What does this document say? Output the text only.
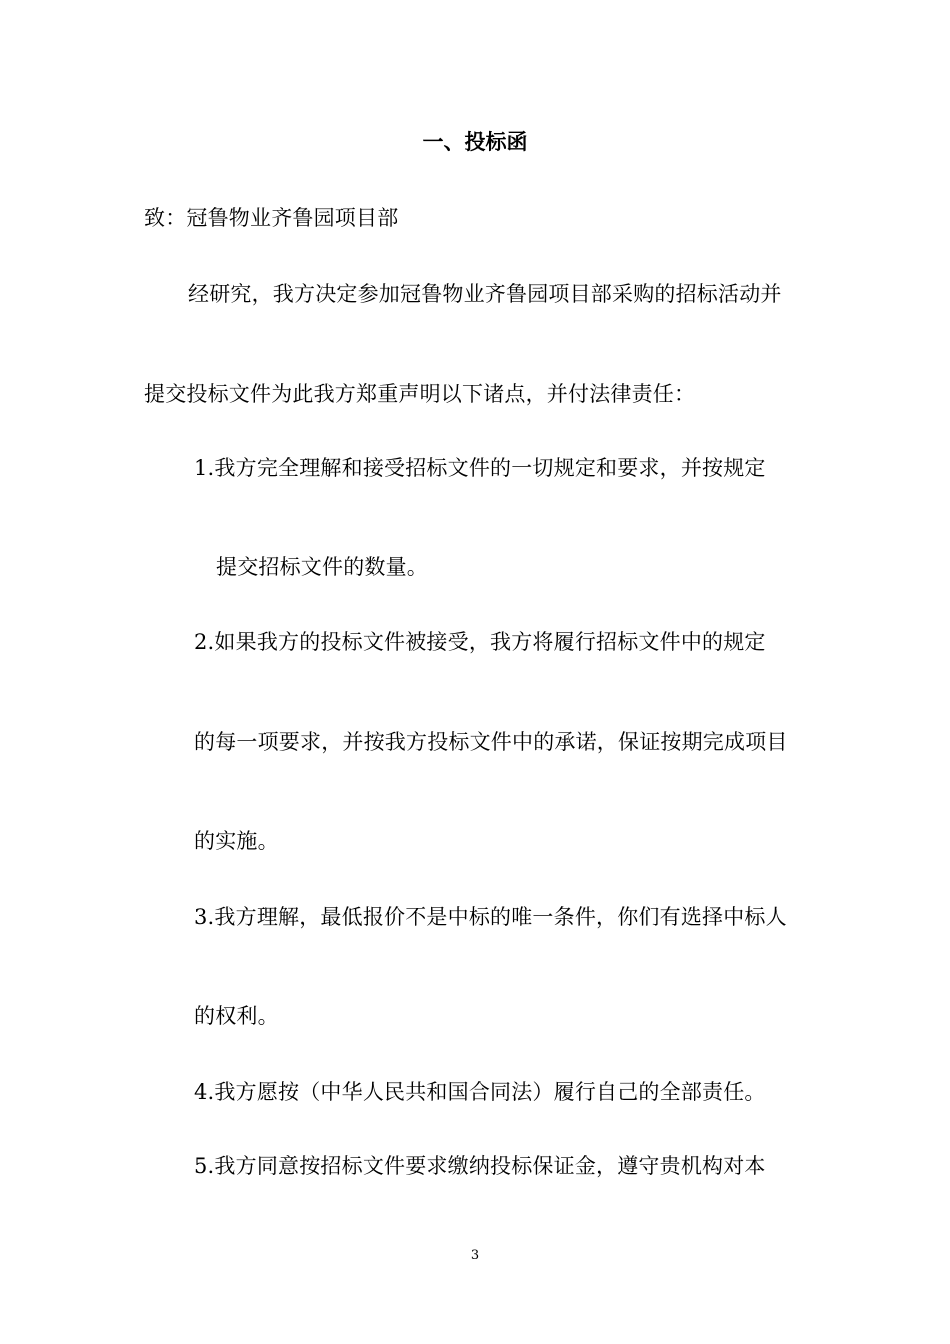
一、投标函
致：冠鲁物业齐鲁园项目部
经研究，我方决定参加冠鲁物业齐鲁园项目部采购的招标活动并
提交投标文件为此我方郑重声明以下诸点，并付法律责任：
1.我方完全理解和接受招标文件的一切规定和要求，并按规定
提交招标文件的数量。
2.如果我方的投标文件被接受，我方将履行招标文件中的规定
的每一项要求，并按我方投标文件中的承诺，保证按期完成项目
的实施。
3.我方理解，最低报价不是中标的唯一条件，你们有选择中标人
的权利。
4.我方愿按（中华人民共和国合同法）履行自己的全部责任。
5.我方同意按招标文件要求缴纳投标保证金，遵守贵机构对本
3
